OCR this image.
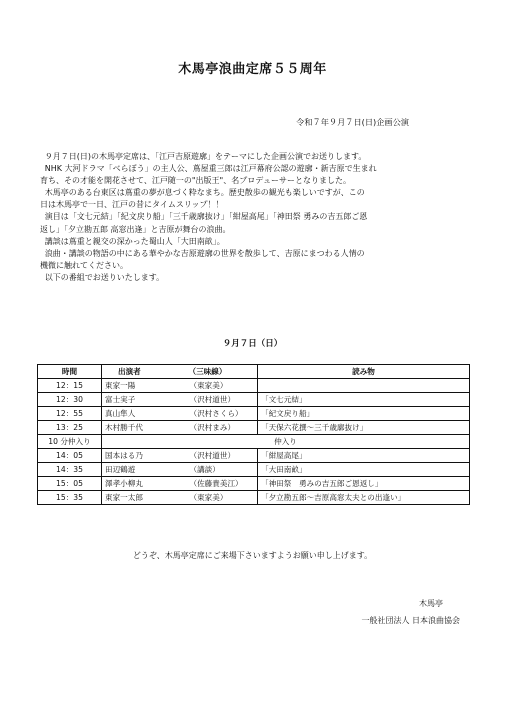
木馬亭浪曲定席５５周年
令和７年９月７日(日)企画公演

９月７日(日)の木馬亭定席は、「江戸吉原遊廓」をテーマにした企画公演でお送りします。

NHK 大河ドラマ「べらぼう」の主人公、蔦屋重三郎は江戸幕府公認の遊廓・新吉原で生まれ

育ち、その才能を開花させて、江戸随一の"出版王"、名プロデューサーとなりました。

木馬亭のある台東区は蔦重の夢が息づく粋なまち。歴史散歩の観光も楽しいですが、この

日は木馬亭で一日、江戸の昔にタイムスリップ！！

演目は「文七元結」「紀文戻り船」「三千歳廓抜け」「紺屋高尾」「神田祭 勇みの吉五郎ご恩

返し」「夕立勘五郎 高窓出逢」と吉原が舞台の浪曲。

講談は蔦重と親交の深かった蜀山人「大田南畝」。

浪曲・講談の物語の中にある華やかな吉原遊廓の世界を散歩して、吉原にまつわる人情の

機微に触れてください。

以下の番組でお送りいたします。

９月７日（日）
時間	出演者	（三味線）	読み物
12：15	東家一陽	（東家美）	
12：30	富士実子	（沢村道世）	「文七元結」
12：55	真山隼人	（沢村さくら）	「紀文戻り船」
13：25	木村勝千代	（沢村まみ）	「天保六花撰～三千歳廓抜け」
10 分仲入り	仲入り		
14：05	国本はる乃	（沢村道世）	「紺屋高尾」
14：35	田辺鶴遊	（講談）	「大田南畝」
15：05	澤孝小柳丸	（佐藤貴美江）	「神田祭　勇みの吉五郎ご恩返し」
15：35	東家一太郎	（東家美）	「夕立勘五郎～吉原高窓太夫との出逢い」
どうぞ、木馬亭定席にご来場下さいますようお願い申し上げます。
木馬亭
一般社団法人 日本浪曲協会
